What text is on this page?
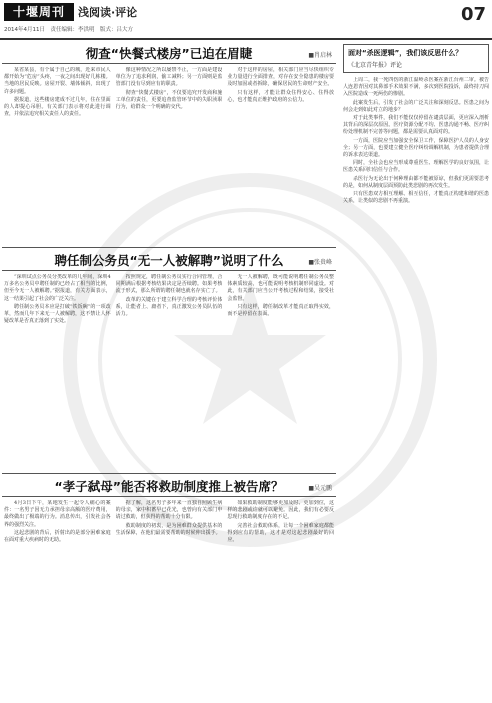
十堰周刊	浅阅读·评论
2014年4月11日　责任编辑：李洪明　版式：吕大方
07
彻查“快餐式楼房”已迫在眉睫	■肖启林

某省某县，有个属于自己的城，近来市民人都开始为“危房”头疼，一夜之间出现好几栋楼。当地的居民反映。房屋开裂、墙体倾斜，出现了许多问题。

据报道，这些楼房建成不过几年，住在里面的人却提心吊胆。有关部门表示将对此进行调查，并依法追究相关责任人的责任。

像这种情况之所以屡禁不止，一方面是建设单位为了追求利润，偷工减料；另一方面则是监管部门没有尽到应有的职责。

彻查“快餐式楼房”，不仅要追究开发商和施工单位的责任，更要追查监管环节中的失职渎职行为，给群众一个明确的交代。

对于这样的房屋，相关部门应当尽快组织专业力量进行全面排查，对存在安全隐患的楼房要及时加固或者拆除，确保居民的生命财产安全。

只有这样，才能让群众住得安心、住得放心，也才能真正维护政府的公信力。

聘任制公务员“无一人被解聘”说明了什么	■张贵峰

“深圳试点公务员分类改革的几年间，深圳4万多名公务员中聘任制的已经占了相当的比例，但至今无一人被解聘。”据报道，有关方面表示，这一结果引起了社会的广泛关注。

聘任制公务员本应是打破“铁饭碗”的一项改革，然而几年下来无一人被解聘，这不禁让人怀疑改革是否真正落到了实处。

按照规定，聘任制公务员实行合同管理，合同期满后根据考核结果决定是否续聘。如果考核流于形式，那么所谓的聘任制也就名存实亡了。

改革的关键在于建立科学合理的考核评价体系，让能者上、庸者下，真正激发公务员队伍的活力。

无一人被解聘，既可能说明聘任制公务员整体素质较高，也可能说明考核机制形同虚设。对此，有关部门应当公开考核过程和结果，接受社会监督。

只有这样，聘任制改革才能真正取得实效，而不是停留在表面。

“孝子弑母”能否将救助制度推上被告席？	■吴元鹏

4月3日下午，某地发生一起令人痛心的案件：一名男子因无力承担母亲高额的医疗费用，最终做出了极端的行为。消息传出，引发社会各界的强烈关注。

这起悲剧的背后，折射出的是部分困难家庭在面对重大疾病时的无助。

据了解，这名男子多年来一直独自照顾生病的母亲，家中积蓄早已花光，也曾向有关部门申请过救助，但获得的帮助十分有限。

救助制度的初衷，是为困难群众提供基本的生活保障，在他们最需要帮助的时候伸出援手。

如果救助制度能够更加及时、更加到位，这样的悲剧或许就可以避免。因此，我们有必要反思现行救助制度存在的不足。

完善社会救助体系，让每一个困难家庭都能得到应有的帮助，这才是对这起悲剧最好的回应。

面对“杀医逻辑”，我们该反思什么？
《北京青年报》评论

上周二，我一死四伤的浙江温岭杀医案在浙江台州二审。被告人连恩青因对其鼻部手术效果不满，多次到医院投诉，最终持刀闯入医院造成一死两伤的惨剧。

此案发生后，引发了社会的广泛关注和深刻反思。医患之间为何会走到如此对立的地步？

对于此类事件，我们不能仅仅停留在谴责层面，更应深入剖析其背后的深层次原因。医疗资源分配不均、医患沟通不畅、医疗纠纷处理机制不完善等问题，都是需要认真面对的。

一方面，医院应当加强安全保卫工作，保障医护人员的人身安全；另一方面，也要建立健全医疗纠纷调解机制，为患者提供合理的诉求表达渠道。

同时，全社会也应当形成尊重医生、理解医学的良好氛围，让医患关系回归信任与合作。

杀医行为无论出于何种理由都不能被原谅，但我们更需要思考的是，如何从制度层面预防此类悲剧的再次发生。

只有医患双方相互理解、相互信任，才能真正构建和谐的医患关系，让类似的悲剧不再重演。
